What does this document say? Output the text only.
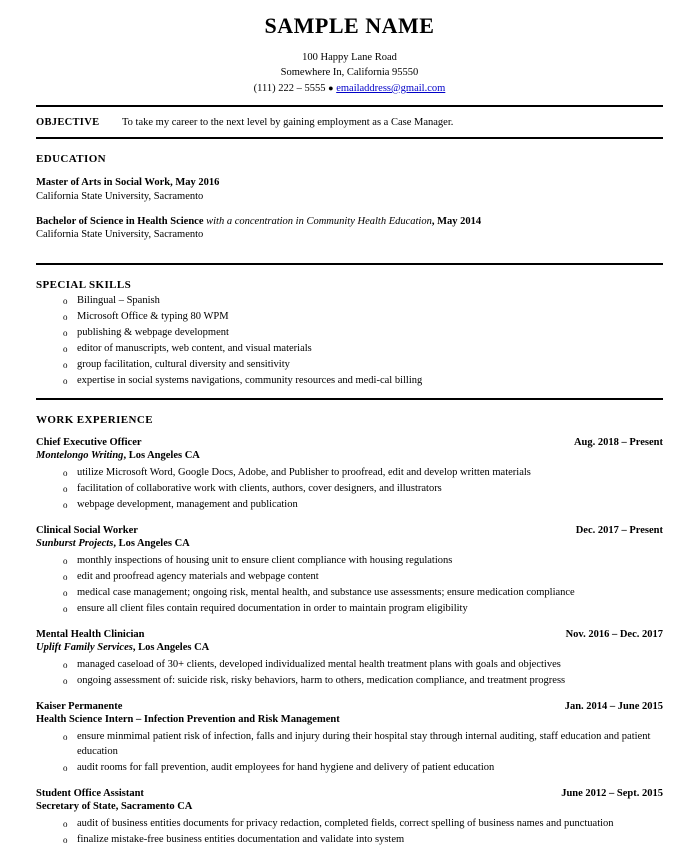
SAMPLE NAME
100 Happy Lane Road
Somewhere In, California 95550
(111) 222 – 5555 ● emailaddress@gmail.com
OBJECTIVE	To take my career to the next level by gaining employment as a Case Manager.
EDUCATION
Master of Arts in Social Work, May 2016
California State University, Sacramento
Bachelor of Science in Health Science with a concentration in Community Health Education, May 2014
California State University, Sacramento
SPECIAL SKILLS
o Bilingual – Spanish
o Microsoft Office & typing 80 WPM
o publishing & webpage development
o editor of manuscripts, web content, and visual materials
o group facilitation, cultural diversity and sensitivity
o expertise in social systems navigations, community resources and medi-cal billing
WORK EXPERIENCE
Chief Executive Officer	Aug. 2018 – Present
Montelongo Writing, Los Angeles CA
o utilize Microsoft Word, Google Docs, Adobe, and Publisher to proofread, edit and develop written materials
o facilitation of collaborative work with clients, authors, cover designers, and illustrators
o webpage development, management and publication
Clinical Social Worker	Dec. 2017 – Present
Sunburst Projects, Los Angeles CA
o monthly inspections of housing unit to ensure client compliance with housing regulations
o edit and proofread agency materials and webpage content
o medical case management; ongoing risk, mental health, and substance use assessments; ensure medication compliance
o ensure all client files contain required documentation in order to maintain program eligibility
Mental Health Clinician	Nov. 2016 – Dec. 2017
Uplift Family Services, Los Angeles CA
o managed caseload of 30+ clients, developed individualized mental health treatment plans with goals and objectives
o ongoing assessment of: suicide risk, risky behaviors, harm to others, medication compliance, and treatment progress
Kaiser Permanente	Jan. 2014 – June 2015
Health Science Intern – Infection Prevention and Risk Management
o ensure minmimal patient risk of infection, falls and injury during their hospital stay through internal auditing, staff education and patient education
o audit rooms for fall prevention, audit employees for hand hygiene and delivery of patient education
Student Office Assistant	June 2012 – Sept. 2015
Secretary of State, Sacramento CA
o audit of business entities documents for privacy redaction, completed fields, correct spelling of business names and punctuation
o finalize mistake-free business entities documentation and validate into system
